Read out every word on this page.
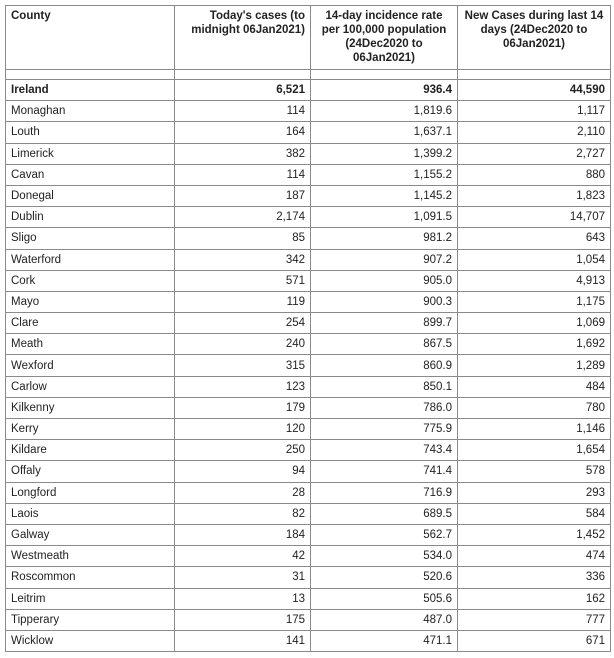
County	Today's cases (to midnight 06Jan2021)	14-day incidence rate per 100,000 population (24Dec2020 to 06Jan2021)	New Cases during last 14 days (24Dec2020 to 06Jan2021)

Ireland	6,521	936.4	44,590
Monaghan	114	1,819.6	1,117
Louth	164	1,637.1	2,110
Limerick	382	1,399.2	2,727
Cavan	114	1,155.2	880
Donegal	187	1,145.2	1,823
Dublin	2,174	1,091.5	14,707
Sligo	85	981.2	643
Waterford	342	907.2	1,054
Cork	571	905.0	4,913
Mayo	119	900.3	1,175
Clare	254	899.7	1,069
Meath	240	867.5	1,692
Wexford	315	860.9	1,289
Carlow	123	850.1	484
Kilkenny	179	786.0	780
Kerry	120	775.9	1,146
Kildare	250	743.4	1,654
Offaly	94	741.4	578
Longford	28	716.9	293
Laois	82	689.5	584
Galway	184	562.7	1,452
Westmeath	42	534.0	474
Roscommon	31	520.6	336
Leitrim	13	505.6	162
Tipperary	175	487.0	777
Wicklow	141	471.1	671
